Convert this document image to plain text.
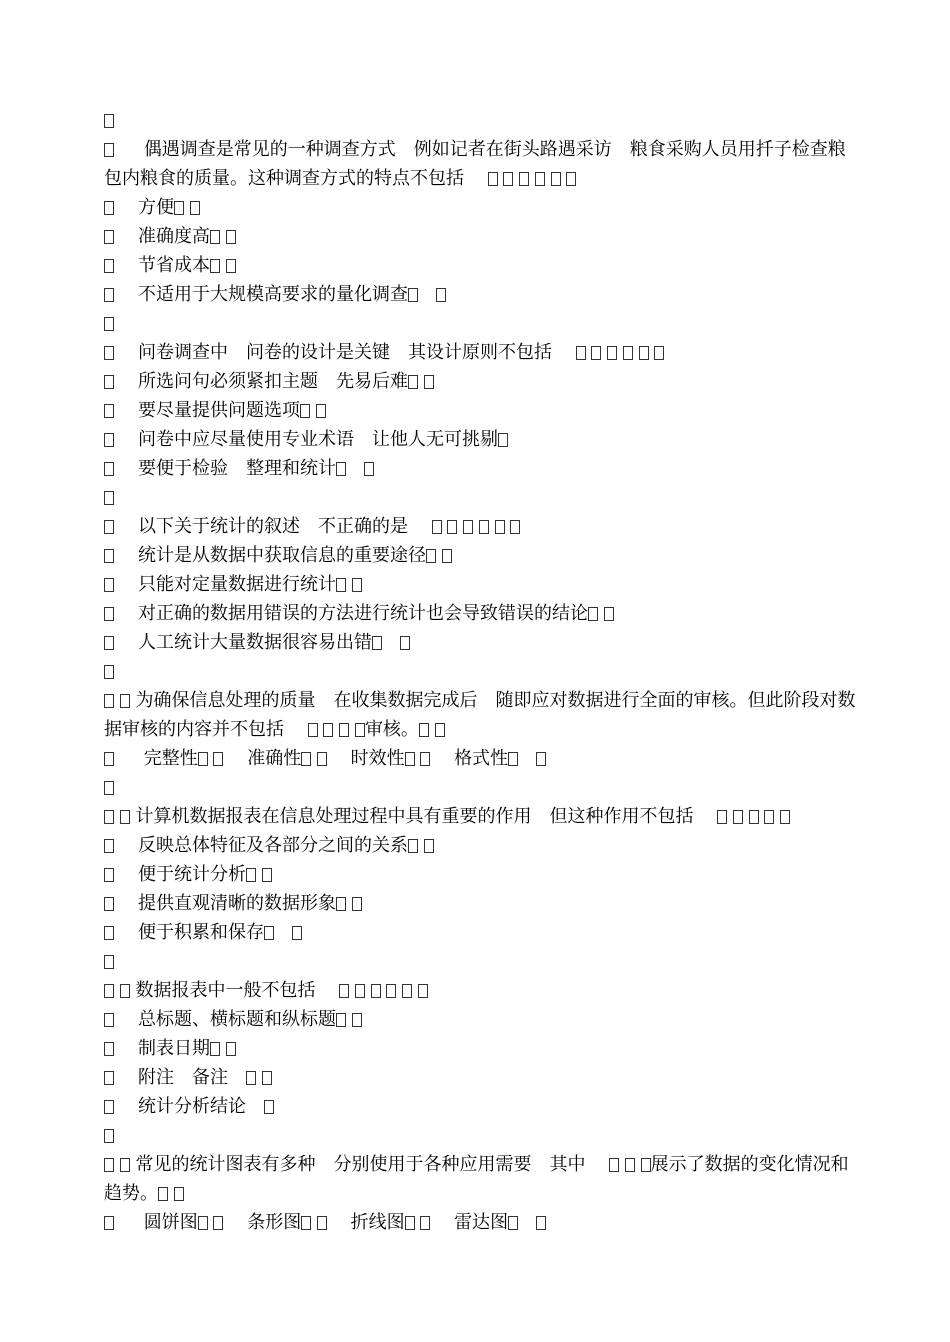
偶遇调查是常见的一种调查方式　例如记者在街头路遇采访　粮食采购人员用扦子检查粮包内粮食的质量。这种调查方式的特点不包括 　
方便
准确度高
节省成本
不适用于大规模高要求的量化调查　
问卷调查中　问卷的设计是关键　其设计原则不包括 　
所选问句必须紧扣主题　先易后难
要尽量提供问题选项
问卷中应尽量使用专业术语　让他人无可挑剔
要便于检验　整理和统计　
以下关于统计的叙述　不正确的是 　
统计是从数据中获取信息的重要途径
只能对定量数据进行统计
对正确的数据用错误的方法进行统计也会导致错误的结论
人工统计大量数据很容易出错　
为确保信息处理的质量　在收集数据完成后　随即应对数据进行全面的审核。但此阶段对数据审核的内容并不包括 　	审核。
完整性	准确性	时效性	格式性　
计算机数据报表在信息处理过程中具有重要的作用　但这种作用不包括 　
反映总体特征及各部分之间的关系
便于统计分析
提供直观清晰的数据形象
便于积累和保存　
数据报表中一般不包括 　
总标题、横标题和纵标题
制表日期
附注　备注　
统计分析结论　
常见的统计图表有多种　分别使用于各种应用需要　其中 　	展示了数据的变化情况和趋势。
圆饼图	条形图	折线图	雷达图　
